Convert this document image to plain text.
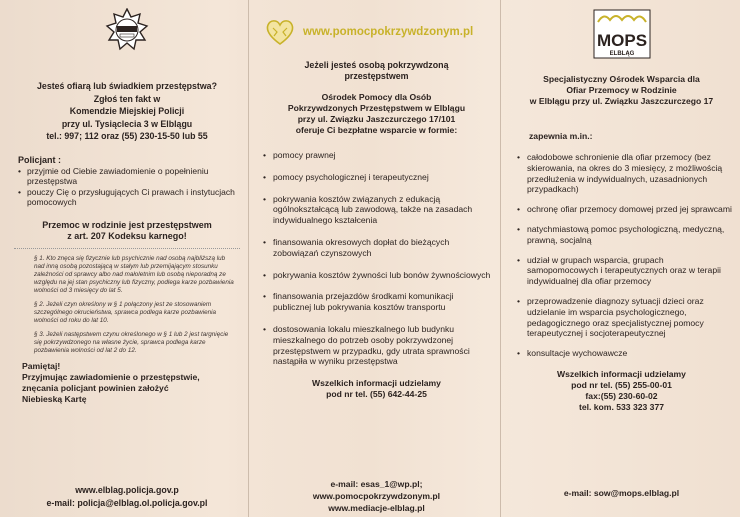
Jesteś ofiarą lub świadkiem przestępstwa?

Zgłoś ten fakt w

Komendzie Miejskiej Policji

przy ul. Tysiąclecia 3 w Elblągu

tel.: 997; 112 oraz (55) 230-15-50 lub 55

Policjant :

• przyjmie od Ciebie zawiadomienie o popełnieniu przestępstwa
• pouczy Cię o przysługujących Ci prawach i instytucjach pomocowych

Przemoc w rodzinie jest przestępstwem

z art. 207 Kodeksu karnego!

§ 1. Kto znęca się fizycznie lub psychicznie nad osobą najbliższą lub nad inną osobą pozostającą w stałym lub przemijającym stosunku zależności od sprawcy albo nad małoletnim lub osobą nieporadną ze względu na jej stan psychiczny lub fizyczny, podlega karze pozbawienia wolności od 3 miesięcy do lat 5.

§ 2. Jeżeli czyn określony w § 1 połączony jest ze stosowaniem szczególnego okrucieństwa, sprawca podlega karze pozbawienia wolności od roku do lat 10.

§ 3. Jeżeli następstwem czynu określonego w § 1 lub 2 jest targnięcie się pokrzywdzonego na własne życie, sprawca podlega karze pozbawienia wolności od lat 2 do 12.

Pamiętaj!

Przyjmując zawiadomienie o przestępstwie,

znęcania policjant powinien założyć

Niebieską Kartę

www.elblag.policja.gov.p

e-mail: policja@elblag.ol.policja.gov.pl

www.pomocpokrzywdzonym.pl

Jeżeli jesteś osobą pokrzywdzoną

przestępstwem

Ośrodek Pomocy dla Osób

Pokrzywdzonych Przestępstwem w Elblągu

przy ul. Związku Jaszczurczego 17/101

oferuje Ci bezpłatne wsparcie w formie:

• pomocy prawnej
• pomocy psychologicznej i terapeutycznej
• pokrywania kosztów związanych z edukacją ogólnokształcącą lub zawodową, także na zasadach indywidualnego kształcenia
• finansowania okresowych dopłat do bieżących zobowiązań czynszowych
• pokrywania kosztów żywności lub bonów żywnościowych
• finansowania przejazdów środkami komunikacji publicznej lub pokrywania kosztów transportu
• dostosowania lokalu mieszkalnego lub budynku mieszkalnego do potrzeb osoby pokrzywdzonej przestępstwem w przypadku, gdy utrata sprawności nastąpiła w wyniku przestępstwa

Wszelkich informacji udzielamy

pod nr tel. (55) 642-44-25

e-mail: esas_1@wp.pl;

www.pomocpokrzywdzonym.pl

www.mediacje-elblag.pl

MOPS
ELBLĄG

Specjalistyczny Ośrodek Wsparcia dla

Ofiar Przemocy w Rodzinie

w Elblągu przy ul. Związku Jaszczurczego 17

zapewnia m.in.:

• całodobowe schronienie dla ofiar przemocy (bez skierowania, na okres do 3 miesięcy, z możliwością przedłużenia w indywidualnych, uzasadnionych przypadkach)
• ochronę ofiar przemocy domowej przed jej sprawcami
• natychmiastową pomoc psychologiczną, medyczną, prawną, socjalną
• udział w grupach wsparcia, grupach samopomocowych i terapeutycznych oraz w terapii indywidualnej dla ofiar przemocy
• przeprowadzenie diagnozy sytuacji dzieci oraz udzielanie im wsparcia psychologicznego, pedagogicznego oraz specjalistycznej pomocy terapeutycznej i socjoterapeutycznej
• konsultacje wychowawcze

Wszelkich informacji udzielamy

pod nr tel. (55) 255-00-01

fax:(55) 230-60-02

tel. kom. 533 323 377

e-mail: sow@mops.elblag.pl
